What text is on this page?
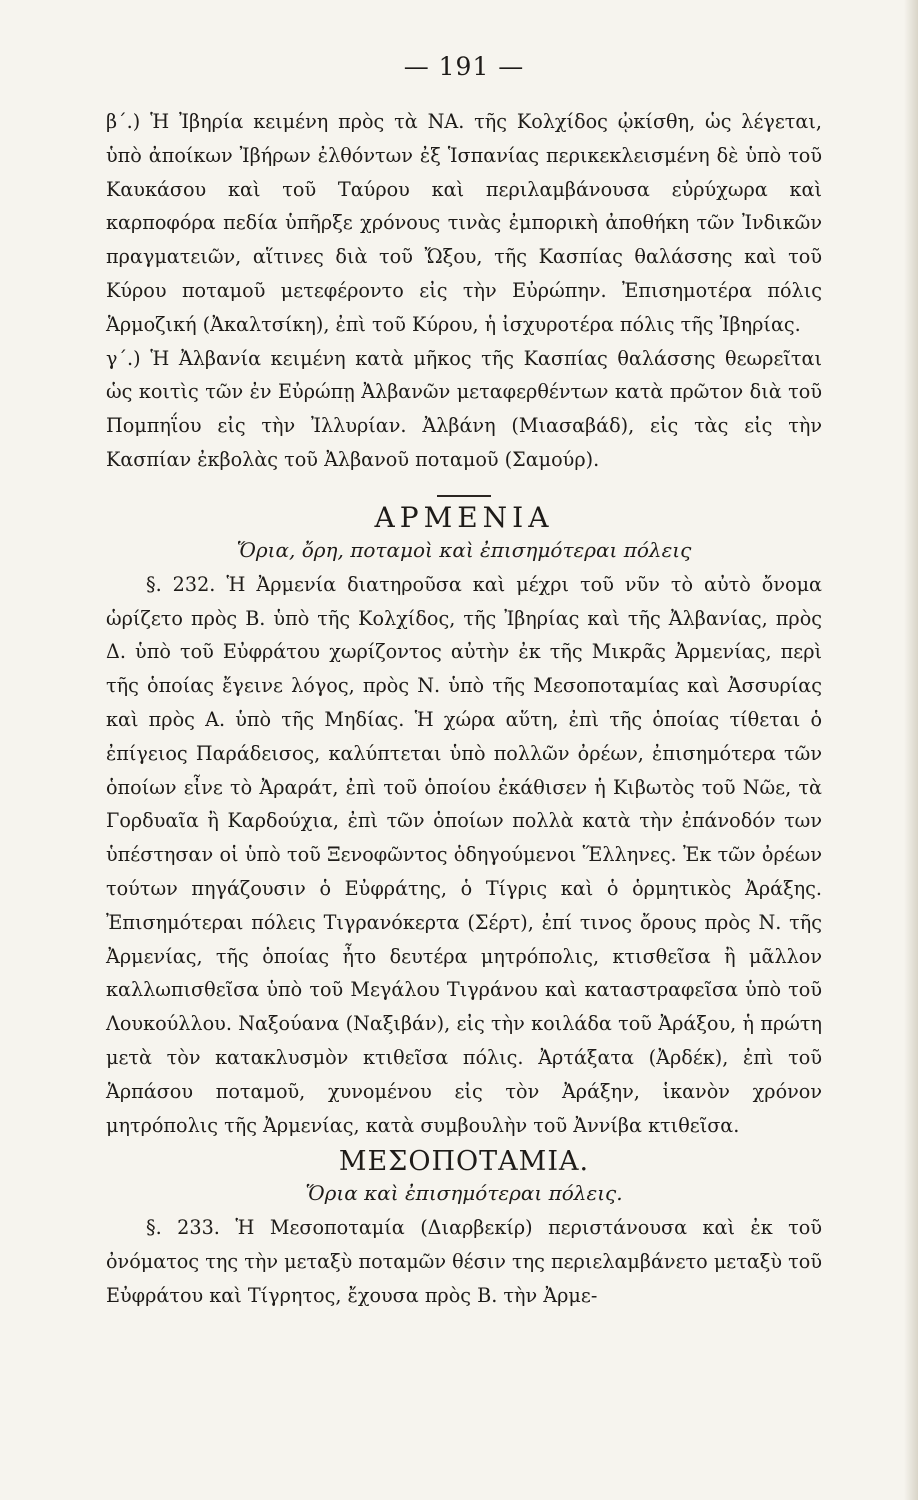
— 191 —

β΄.) Ἡ Ἰβηρία κειμένη πρὸς τὰ ΝΑ. τῆς Κολχίδος ᾠκίσθη, ὡς λέγεται, ὑπὸ ἀποίκων Ἰβήρων ἐλθόντων ἐξ Ἱσπανίας περικεκλεισμένη δὲ ὑπὸ τοῦ Καυκάσου καὶ τοῦ Ταύρου καὶ περιλαμβάνουσα εὐρύχωρα καὶ καρποφόρα πεδία ὑπῆρξε χρόνους τινὰς ἐμπορικὴ ἀποθήκη τῶν Ἰνδικῶν πραγματειῶν, αἵτινες διὰ τοῦ Ὤξου, τῆς Κασπίας θαλάσσης καὶ τοῦ Κύρου ποταμοῦ μετεφέροντο εἰς τὴν Εὐρώπην. Ἐπισημοτέρα πόλις Ἁρμοζική (Ἀκαλτσίκη), ἐπὶ τοῦ Κύρου, ἡ ἰσχυροτέρα πόλις τῆς Ἰβηρίας.

γ΄.) Ἡ Ἀλβανία κειμένη κατὰ μῆκος τῆς Κασπίας θαλάσσης θεωρεῖται ὡς κοιτὶς τῶν ἐν Εὐρώπῃ Ἀλβανῶν μεταφερθέντων κατὰ πρῶτον διὰ τοῦ Πομπηΐου εἰς τὴν Ἰλλυρίαν. Ἀλβάνη (Μιασαβάδ), εἰς τὰς εἰς τὴν Κασπίαν ἐκβολὰς τοῦ Ἀλβανοῦ ποταμοῦ (Σαμούρ).

ΑΡΜΕΝΙΑ
Ὅρια, ὄρη, ποταμοὶ καὶ ἐπισημότεραι πόλεις

§. 232. Ἡ Ἀρμενία διατηροῦσα καὶ μέχρι τοῦ νῦν τὸ αὐτὸ ὄνομα ὡρίζετο πρὸς Β. ὑπὸ τῆς Κολχίδος, τῆς Ἰβηρίας καὶ τῆς Ἀλβανίας, πρὸς Δ. ὑπὸ τοῦ Εὐφράτου χωρίζοντος αὐτὴν ἐκ τῆς Μικρᾶς Ἀρμενίας, περὶ τῆς ὁποίας ἔγεινε λόγος, πρὸς Ν. ὑπὸ τῆς Μεσοποταμίας καὶ Ἀσσυρίας καὶ πρὸς Α. ὑπὸ τῆς Μηδίας. Ἡ χώρα αὕτη, ἐπὶ τῆς ὁποίας τίθεται ὁ ἐπίγειος Παράδεισος, καλύπτεται ὑπὸ πολλῶν ὀρέων, ἐπισημότερα τῶν ὁποίων εἶνε τὸ Ἀραράτ, ἐπὶ τοῦ ὁποίου ἐκάθισεν ἡ Κιβωτὸς τοῦ Νῶε, τὰ Γορδυαῖα ἢ Καρδούχια, ἐπὶ τῶν ὁποίων πολλὰ κατὰ τὴν ἐπάνοδόν των ὑπέστησαν οἱ ὑπὸ τοῦ Ξενοφῶντος ὁδηγούμενοι Ἕλληνες. Ἐκ τῶν ὀρέων τούτων πηγάζουσιν ὁ Εὐφράτης, ὁ Τίγρις καὶ ὁ ὁρμητικὸς Ἀράξης. Ἐπισημότεραι πόλεις Τιγρανόκερτα (Σέρτ), ἐπί τινος ὄρους πρὸς Ν. τῆς Ἀρμενίας, τῆς ὁποίας ἦτο δευτέρα μητρόπολις, κτισθεῖσα ἢ μᾶλλον καλλωπισθεῖσα ὑπὸ τοῦ Μεγάλου Τιγράνου καὶ καταστραφεῖσα ὑπὸ τοῦ Λουκούλλου. Ναξούανα (Ναξιβάν), εἰς τὴν κοιλάδα τοῦ Ἀράξου, ἡ πρώτη μετὰ τὸν κατακλυσμὸν κτιθεῖσα πόλις. Ἀρτάξατα (Ἀρδέκ), ἐπὶ τοῦ Ἁρπάσου ποταμοῦ, χυνομένου εἰς τὸν Ἀράξην, ἱκανὸν χρόνον μητρόπολις τῆς Ἀρμενίας, κατὰ συμβουλὴν τοῦ Ἀννίβα κτιθεῖσα.

ΜΕΣΟΠΟΤΑΜΙΑ.
Ὅρια καὶ ἐπισημότεραι πόλεις.

§. 233. Ἡ Μεσοποταμία (Διαρβεκίρ) περιστάνουσα καὶ ἐκ τοῦ ὀνόματος της τὴν μεταξὺ ποταμῶν θέσιν της περιελαμβάνετο μεταξὺ τοῦ Εὐφράτου καὶ Τίγρητος, ἔχουσα πρὸς Β. τὴν Ἀρμε-
